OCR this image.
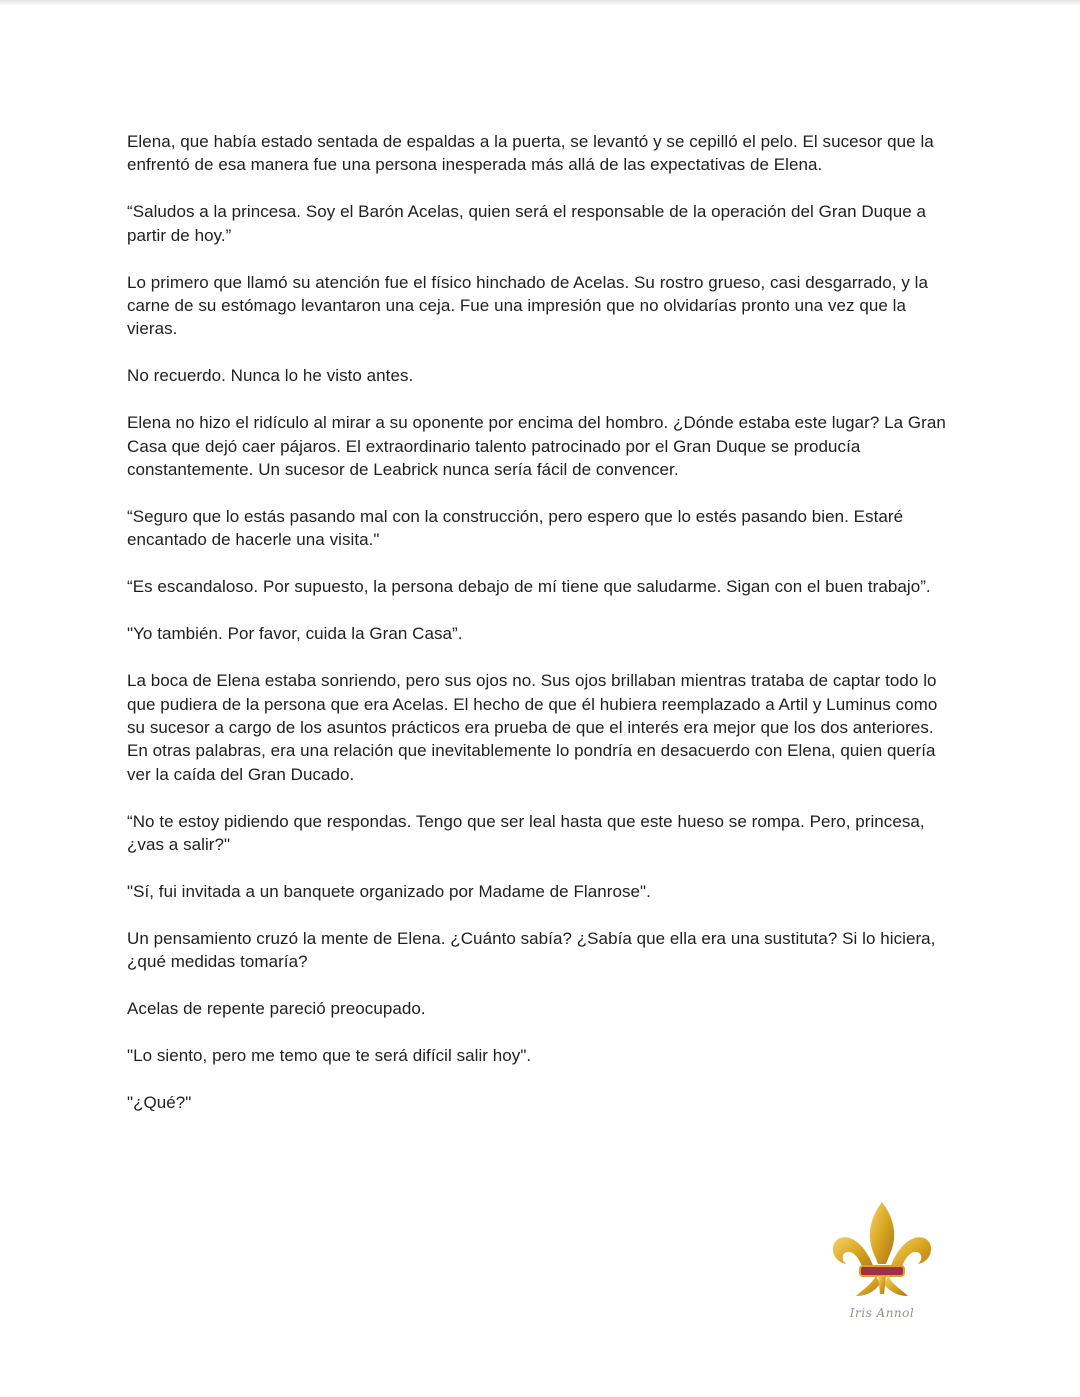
Elena, que había estado sentada de espaldas a la puerta, se levantó y se cepilló el pelo. El sucesor que la enfrentó de esa manera fue una persona inesperada más allá de las expectativas de Elena.

“Saludos a la princesa. Soy el Barón Acelas, quien será el responsable de la operación del Gran Duque a partir de hoy.”

Lo primero que llamó su atención fue el físico hinchado de Acelas. Su rostro grueso, casi desgarrado, y la carne de su estómago levantaron una ceja. Fue una impresión que no olvidarías pronto una vez que la vieras.

No recuerdo. Nunca lo he visto antes.

Elena no hizo el ridículo al mirar a su oponente por encima del hombro. ¿Dónde estaba este lugar? La Gran Casa que dejó caer pájaros. El extraordinario talento patrocinado por el Gran Duque se producía constantemente. Un sucesor de Leabrick nunca sería fácil de convencer.

“Seguro que lo estás pasando mal con la construcción, pero espero que lo estés pasando bien. Estaré encantado de hacerle una visita."

“Es escandaloso. Por supuesto, la persona debajo de mí tiene que saludarme. Sigan con el buen trabajo”.

"Yo también. Por favor, cuida la Gran Casa”.

La boca de Elena estaba sonriendo, pero sus ojos no. Sus ojos brillaban mientras trataba de captar todo lo que pudiera de la persona que era Acelas. El hecho de que él hubiera reemplazado a Artil y Luminus como su sucesor a cargo de los asuntos prácticos era prueba de que el interés era mejor que los dos anteriores. En otras palabras, era una relación que inevitablemente lo pondría en desacuerdo con Elena, quien quería ver la caída del Gran Ducado.

“No te estoy pidiendo que respondas. Tengo que ser leal hasta que este hueso se rompa. Pero, princesa, ¿vas a salir?"

"Sí, fui invitada a un banquete organizado por Madame de Flanrose".

Un pensamiento cruzó la mente de Elena. ¿Cuánto sabía? ¿Sabía que ella era una sustituta? Si lo hiciera, ¿qué medidas tomaría?

Acelas de repente pareció preocupado.

"Lo siento, pero me temo que te será difícil salir hoy".

"¿Qué?"

Iris Annol
